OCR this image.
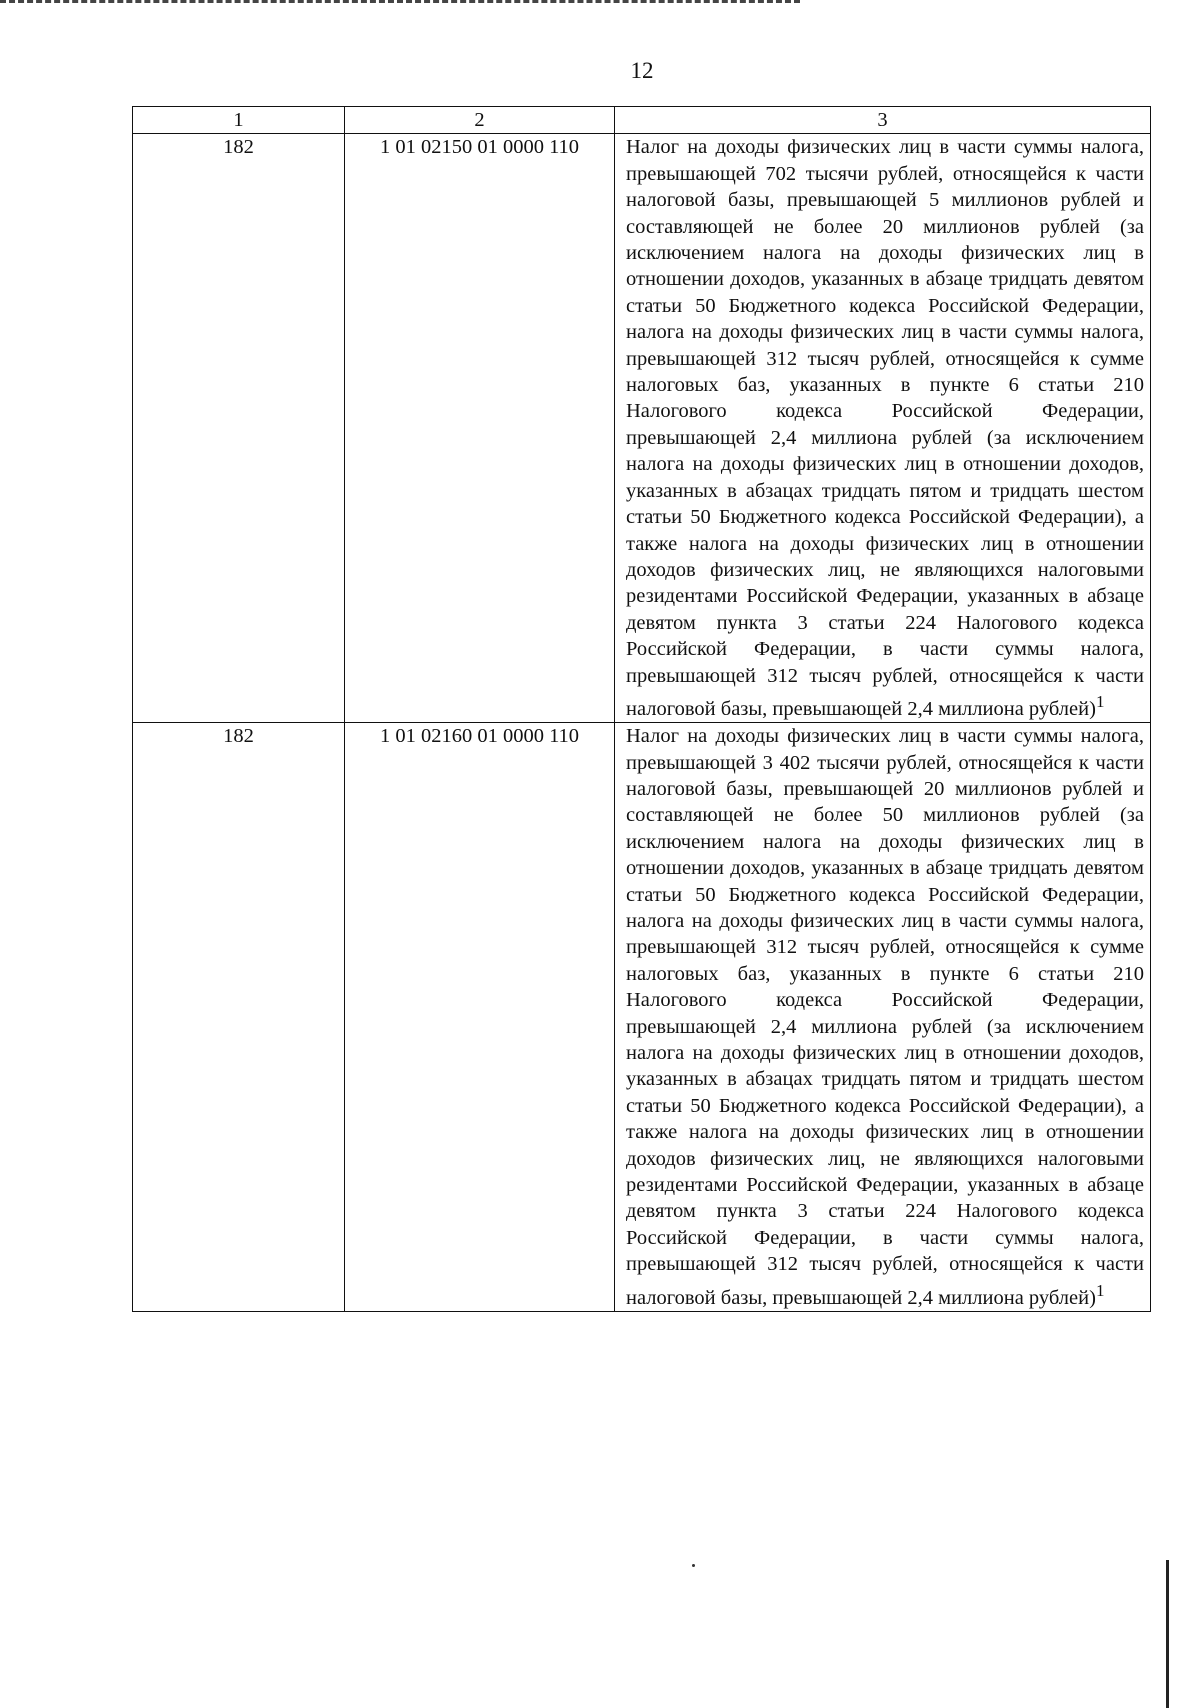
12
1	2	3
182	1 01 02150 01 0000 110	Налог на доходы физических лиц в части суммы налога, превышающей 702 тысячи рублей, относящейся к части налоговой базы, превышающей 5 миллионов рублей и составляющей не более 20 миллионов рублей (за исключением налога на доходы физических лиц в отношении доходов, указанных в абзаце тридцать девятом статьи 50 Бюджетного кодекса Российской Федерации, налога на доходы физических лиц в части суммы налога, превышающей 312 тысяч рублей, относящейся к сумме налоговых баз, указанных в пункте 6 статьи 210 Налогового кодекса Российской Федерации, превышающей 2,4 миллиона рублей (за исключением налога на доходы физических лиц в отношении доходов, указанных в абзацах тридцать пятом и тридцать шестом статьи 50 Бюджетного кодекса Российской Федерации), а также налога на доходы физических лиц в отношении доходов физических лиц, не являющихся налоговыми резидентами Российской Федерации, указанных в абзаце девятом пункта 3 статьи 224 Налогового кодекса Российской Федерации, в части суммы налога, превышающей 312 тысяч рублей, относящейся к части налоговой базы, превышающей 2,4 миллиона рублей)$^1$
182	1 01 02160 01 0000 110	Налог на доходы физических лиц в части суммы налога, превышающей 3 402 тысячи рублей, относящейся к части налоговой базы, превышающей 20 миллионов рублей и составляющей не более 50 миллионов рублей (за исключением налога на доходы физических лиц в отношении доходов, указанных в абзаце тридцать девятом статьи 50 Бюджетного кодекса Российской Федерации, налога на доходы физических лиц в части суммы налога, превышающей 312 тысяч рублей, относящейся к сумме налоговых баз, указанных в пункте 6 статьи 210 Налогового кодекса Российской Федерации, превышающей 2,4 миллиона рублей (за исключением налога на доходы физических лиц в отношении доходов, указанных в абзацах тридцать пятом и тридцать шестом статьи 50 Бюджетного кодекса Российской Федерации), а также налога на доходы физических лиц в отношении доходов физических лиц, не являющихся налоговыми резидентами Российской Федерации, указанных в абзаце девятом пункта 3 статьи 224 Налогового кодекса Российской Федерации, в части суммы налога, превышающей 312 тысяч рублей, относящейся к части налоговой базы, превышающей 2,4 миллиона рублей)$^1$
